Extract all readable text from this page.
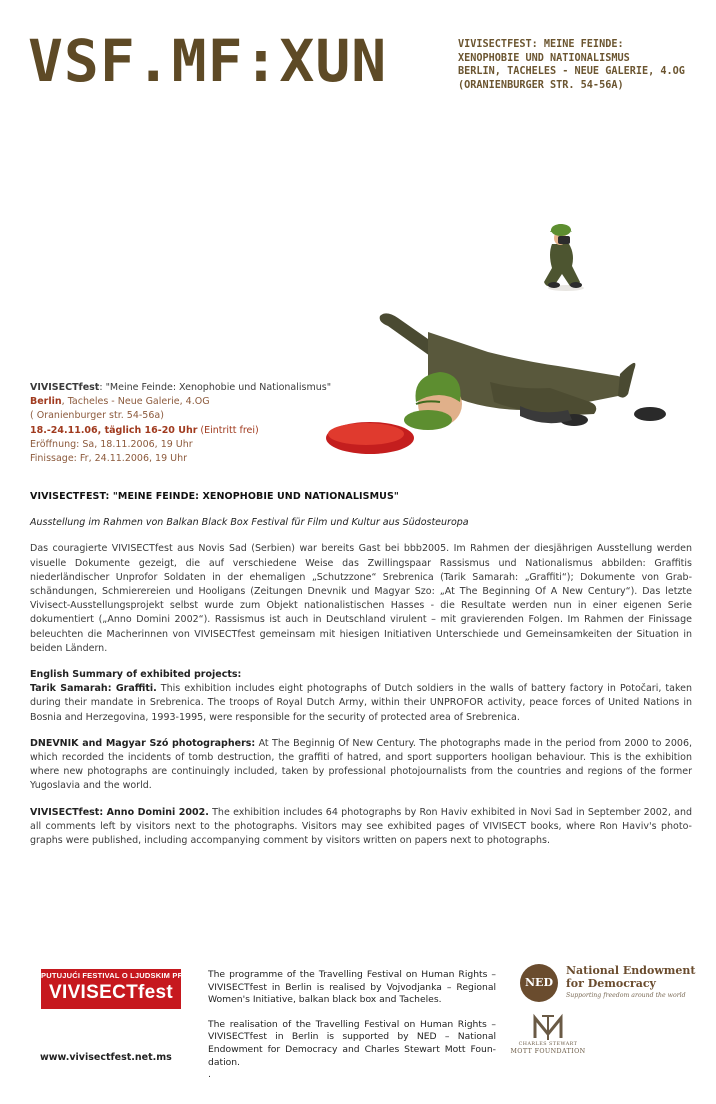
VSF.MF:XUN	VIVISECTFEST: MEINE FEINDE:
XENOPHOBIE UND NATIONALISMUS
BERLIN, TACHELES - NEUE GALERIE, 4.OG
(ORANIENBURGER STR. 54-56A)
VIVISECTfest: "Meine Feinde: Xenophobie und Nationalismus"
Berlin, Tacheles - Neue Galerie, 4.OG
( Oranienburger str. 54-56a)
18.-24.11.06, täglich 16-20 Uhr (Eintritt frei)
Eröffnung: Sa, 18.11.2006, 19 Uhr
Finissage: Fr, 24.11.2006, 19 Uhr
VIVISECTFEST: "MEINE FEINDE: XENOPHOBIE UND NATIONALISMUS"
Ausstellung im Rahmen von Balkan Black Box Festival für Film und Kultur aus Südosteuropa

Das couragierte VIVISECTfest aus Novis Sad (Serbien) war bereits Gast bei bbb2005. Im Rahmen der diesjährigen Ausstellung werden visuelle Dokumente gezeigt, die auf verschiedene Weise das Zwillingspaar Rassismus und Nationalismus abbilden: Graffitis niederländischer Unprofor Soldaten in der ehemaligen „Schutzzone“ Srebrenica (Tarik Samarah: „Graffiti“); Dokumente von Grab-schändungen, Schmierereien und Hooligans (Zeitungen Dnevnik und Magyar Szo: „At The Beginning Of A New Century“). Das letzte Vivisect-Ausstellungsprojekt selbst wurde zum Objekt nationalistischen Hasses - die Resultate werden nun in einer eigenen Serie dokumentiert („Anno Domini 2002“). Rassismus ist auch in Deutschland virulent – mit gravierenden Folgen. Im Rahmen der Finissage beleuchten die Macherinnen von VIVISECTfest gemeinsam mit hiesigen Initiativen Unterschiede und Gemeinsamkeiten der Situation in beiden Ländern.

English Summary of exhibited projects:

Tarik Samarah: Graffiti. This exhibition includes eight photographs of Dutch soldiers in the walls of battery factory in Potočari, taken during their mandate in Srebrenica. The troops of Royal Dutch Army, within their UNPROFOR activity, peace forces of United Nations in Bosnia and Herzegovina, 1993-1995, were responsible for the security of protected area of Srebrenica.

DNEVNIK and Magyar Szó photographers: At The Beginnig Of New Century. The photographs made in the period from 2000 to 2006, which recorded the incidents of tomb destruction, the graffiti of hatred, and sport supporters hooligan behaviour. This is the exhibition where new photographs are continuingly included, taken by professional photojournalists from the countries and regions of the former Yugoslavia and the world.

VIVISECTfest: Anno Domini 2002. The exhibition includes 64 photographs by Ron Haviv exhibited in Novi Sad in September 2002, and all comments left by visitors next to the photographs. Visitors may see exhibited pages of VIVISECT books, where Ron Haviv's photo-graphs were published, including accompanying comment by visitors written on papers next to photographs.

PUTUJUĆI FESTIVAL O LJUDSKIM PRAVIMA
VIVISECTfest
www.vivisectfest.net.ms

The programme of the Travelling Festival on Human Rights – VIVISECTfest in Berlin is realised by Vojvodjanka – Regional Women's Initiative, balkan black box and Tacheles.

The realisation of the Travelling Festival on Human Rights – VIVISECTfest in Berlin is supported by NED – National Endowment for Democracy and Charles Stewart Mott Foun-dation.

.
NED
National Endowment
for Democracy
Supporting freedom around the world
CHARLES STEWART
MOTT FOUNDATION
